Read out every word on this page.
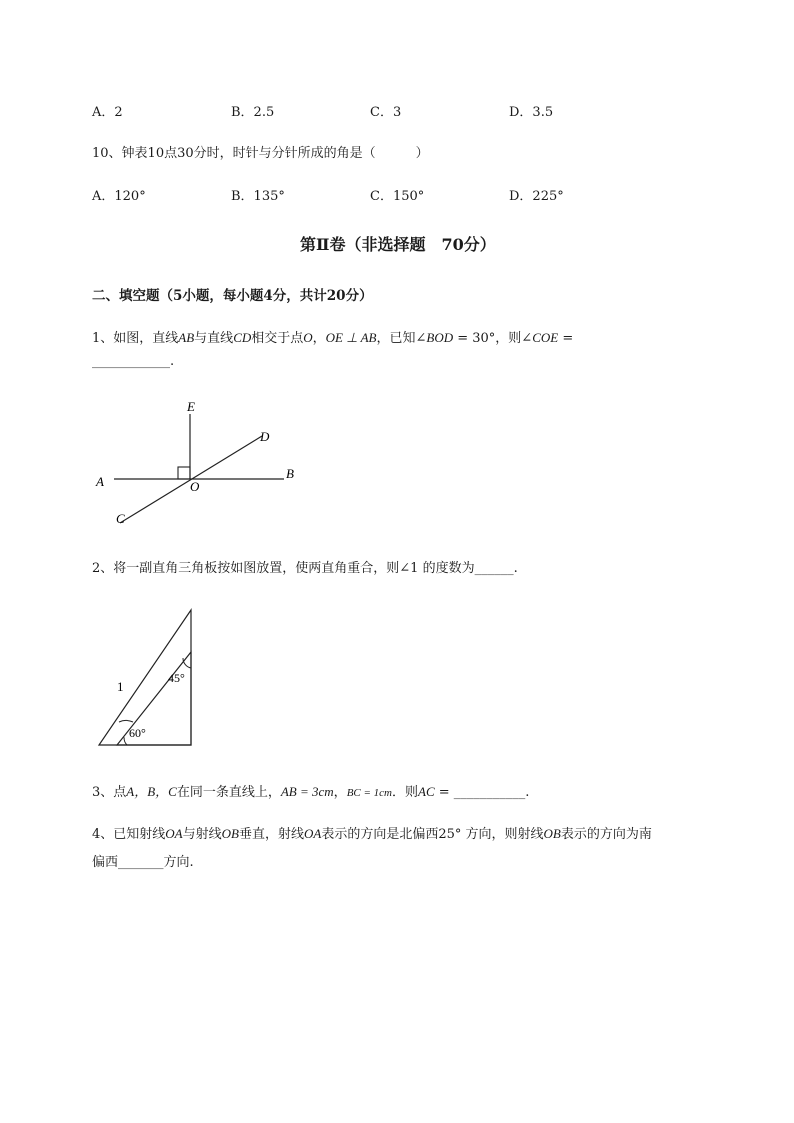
A．2	B．2.5	C．3	D．3.5
10、钟表10点30分时，时针与分针所成的角是（	）
A．120°	B．135°	C．150°	D．225°
第Ⅱ卷（非选择题　70分）
二、填空题（5小题，每小题4分，共计20分）
1、如图，直线AB与直线CD相交于点O，OE ⊥ AB，已知∠BOD = 30°，则∠COE =
____________.
E
D
A	O
B
C
2、将一副直角三角板按如图放置，使两直角重合，则∠1 的度数为______.
1
45°
60°
3、点A，B，C在同一条直线上，AB = 3cm，BC = 1cm．则AC = ___________.
4、已知射线OA与射线OB垂直，射线OA表示的方向是北偏西25° 方向，则射线OB表示的方向为南
偏西_______方向.
